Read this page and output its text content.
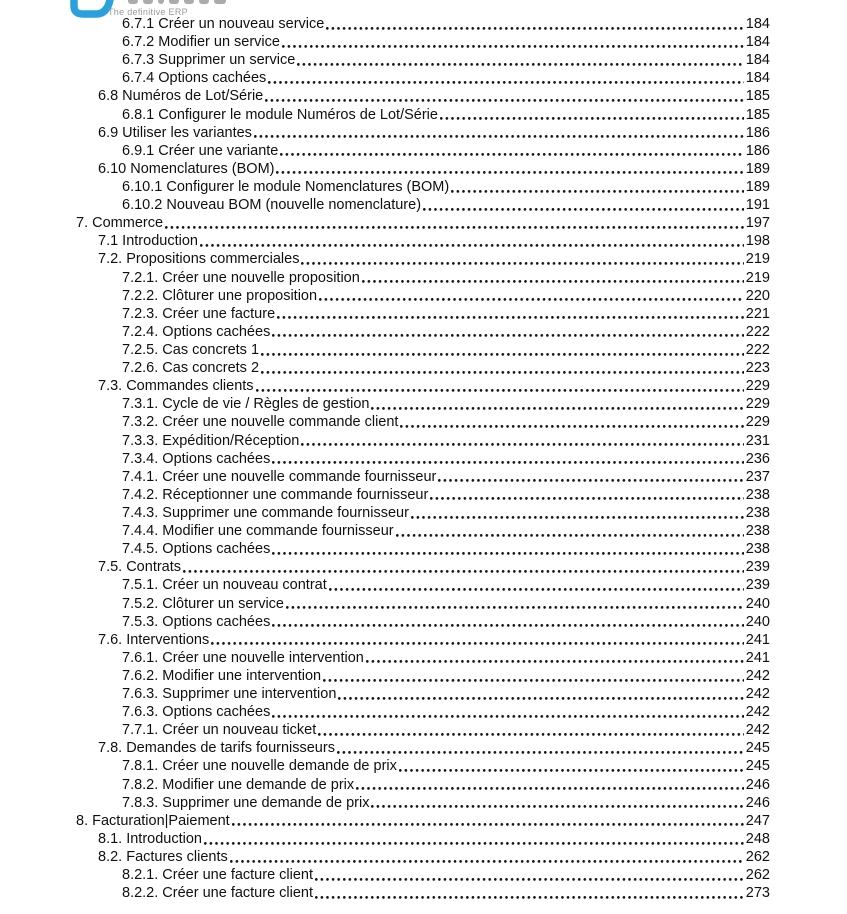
The definitive ERP
6.7.1 Créer un nouveau service	184
6.7.2 Modifier un service	184
6.7.3 Supprimer un service	184
6.7.4 Options cachées	184
6.8 Numéros de Lot/Série	185
6.8.1 Configurer le module Numéros de Lot/Série	185
6.9 Utiliser les variantes	186
6.9.1 Créer une variante	186
6.10 Nomenclatures (BOM)	189
6.10.1 Configurer le module Nomenclatures (BOM)	189
6.10.2 Nouveau BOM (nouvelle nomenclature)	191
7. Commerce	197
7.1 Introduction	198
7.2. Propositions commerciales	219
7.2.1. Créer une nouvelle proposition	219
7.2.2. Clôturer une proposition	220
7.2.3. Créer une facture	221
7.2.4. Options cachées	222
7.2.5. Cas concrets 1	222
7.2.6. Cas concrets 2	223
7.3. Commandes clients	229
7.3.1. Cycle de vie / Règles de gestion	229
7.3.2. Créer une nouvelle commande client	229
7.3.3. Expédition/Réception	231
7.3.4. Options cachées	236
7.4.1. Créer une nouvelle commande fournisseur	237
7.4.2. Réceptionner une commande fournisseur	238
7.4.3. Supprimer une commande fournisseur	238
7.4.4. Modifier une commande fournisseur	238
7.4.5. Options cachées	238
7.5. Contrats	239
7.5.1. Créer un nouveau contrat	239
7.5.2. Clôturer un service	240
7.5.3. Options cachées	240
7.6. Interventions	241
7.6.1. Créer une nouvelle intervention	241
7.6.2. Modifier une intervention	242
7.6.3. Supprimer une intervention	242
7.6.3. Options cachées	242
7.7.1. Créer un nouveau ticket	242
7.8. Demandes de tarifs fournisseurs	245
7.8.1. Créer une nouvelle demande de prix	245
7.8.2. Modifier une demande de prix	246
7.8.3. Supprimer une demande de prix	246
8. Facturation|Paiement	247
8.1. Introduction	248
8.2. Factures clients	262
8.2.1. Créer une facture client	262
8.2.2. Créer une facture client	273
